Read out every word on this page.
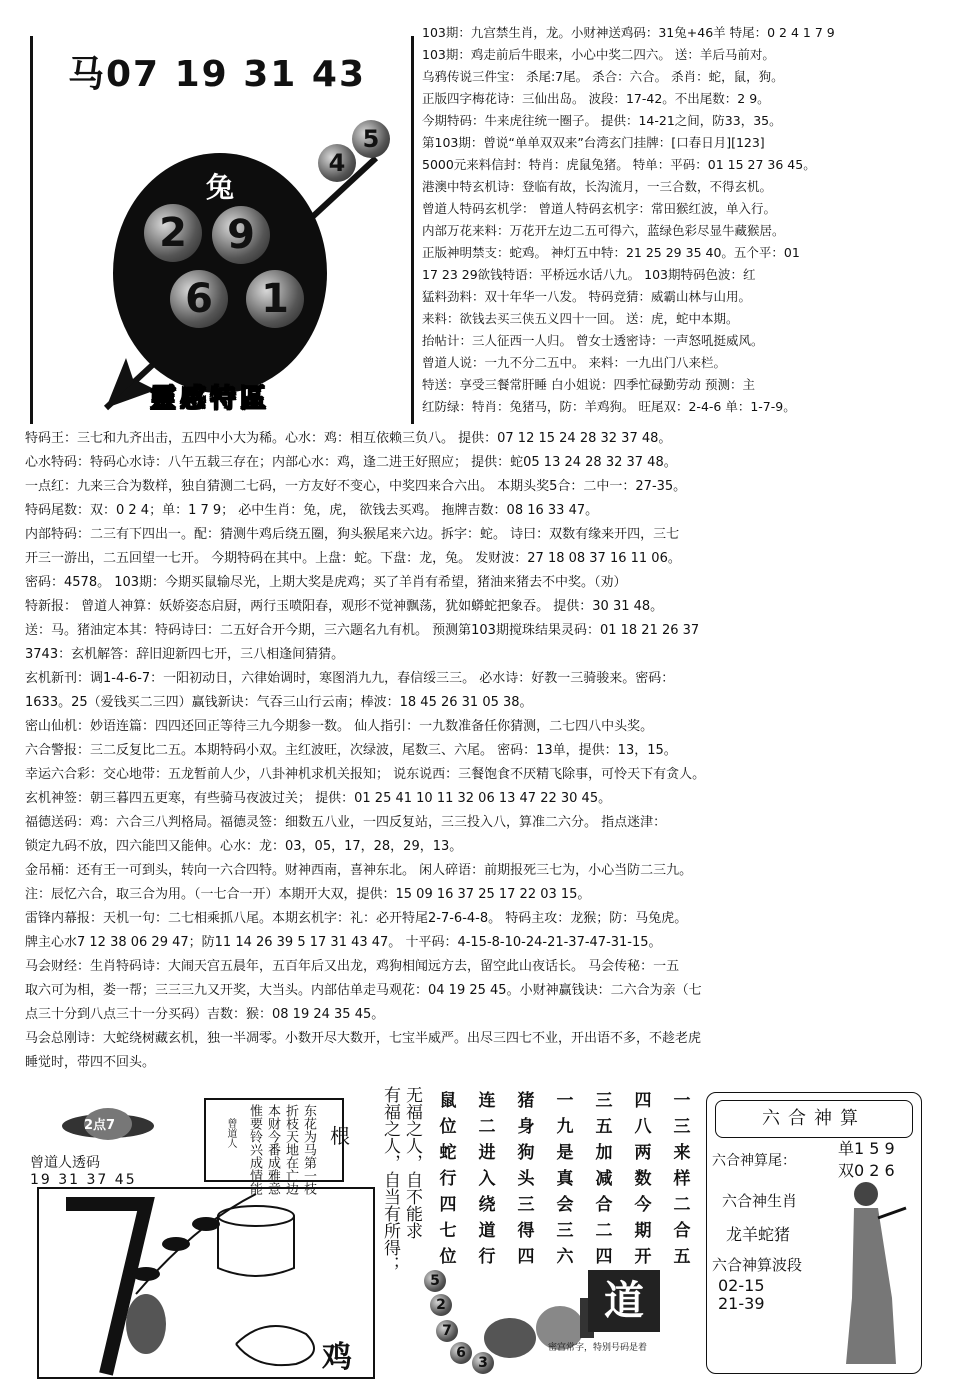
马07 19 31 43
兔
2	9
6	1
4
5
靈感特區
103期：九宫禁生肖，龙。小财神送鸡码：31兔+46羊 特尾：0 2 4 1 7 9
103期：鸡走前后牛眼来，小心中奖二四六。 送：羊后马前对。
乌鸦传说三件宝： 杀尾:7尾。 杀合：六合。 杀肖：蛇，鼠，狗。
正版四字梅花诗：三仙出岛。 波段：17-42。不出尾数：2 9。
今期特码：牛来虎往统一圈子。 提供：14-21之间，防33，35。
第103期：曾说“单单双双来”台湾玄门挂牌：[口春日月][123]
5000元来料信封：特肖：虎鼠兔猪。 特单：平码：01 15 27 36 45。
港澳中特玄机诗：登临有故，长沟流月，一三合数，不得玄机。
曾道人特码玄机学： 曾道人特码玄机字：常田猴红波，单入行。
内部万花来料：万花开左边二五可得六，蓝绿色彩尽显牛藏猴居。
正版神明禁支：蛇鸡。 神灯五中特：21 25 29 35 40。五个平：01
17 23 29欲钱特语：平桥远水话八九。 103期特码色波：红
猛料劲料：双十年华一八发。 特码竞猜：威霸山林与山用。
来料：欲钱去买三侠五义四十一回。 送：虎，蛇中本期。
抬帖计：三人征西一人归。 曾女士透密诗：一声怒吼挺威风。
曾道人说：一九不分二五中。 来料：一九出门八来栏。
特送：享受三餐常肝睡 白小姐说：四季忙碌勤劳动 预测：主
红防绿：特肖：兔猪马，防：羊鸡狗。 旺尾双：2-4-6 单：1-7-9。
特码王：三七和九齐出击，五四中小大为稀。心水：鸡：相互依赖三负八。 提供：07 12 15 24 28 32 37 48。
心水特码：特码心水诗：八午五载三存在；内部心水：鸡，逢二进王好照应； 提供：蛇05 13 24 28 32 37 48。
一点红：九来三合为数样，独自猜测二七码，一方友好不变心，中奖四来合六出。 本期头奖5合：二中一：27-35。
特码尾数：双：0 2 4；单：1 7 9； 必中生肖：兔，虎， 欲钱去买鸡。 拖牌吉数：08 16 33 47。
内部特码：二三有下四出一。配：猜测牛鸡后绕五圈，狗头猴尾来六边。拆字：蛇。 诗曰：双数有缘来开四，三七
开三一游出，二五回望一七开。 今期特码在其中。上盘：蛇。下盘：龙，兔。 发财波：27 18 08 37 16 11 06。
密码：4578。 103期：今期买鼠输尽光，上期大奖是虎鸡；买了羊肖有希望，猪油来猪去不中奖。（劝）
特新报： 曾道人神算：妖娇姿态启厨，两行玉喷阳春，观形不觉神飘荡，犹如蟒蛇把象吞。 提供：30 31 48。
送：马。猪油定本其：特码诗曰：二五好合开今期，三六题名九有机。 预测第103期搅珠结果灵码：01 18 21 26 37
3743：玄机解答：辞旧迎新四七开，三八相逢间猜猜。
玄机新刊：调1-4-6-7：一阳初动日，六律始调时，寒图消九九，春信绥三三。 必水诗：好教一三骑骏来。密码：
1633。25（爱钱买二三四）赢钱新诀：气吞三山行云南；棒波：18 45 26 31 05 38。
密山仙机：妙语连篇：四四还回正等待三九今期参一数。 仙人指引：一九数准备任你猜测，二七四八中头奖。
六合警报：三二反复比二五。本期特码小双。主红波旺，次绿波，尾数三、六尾。 密码：13单，提供：13，15。
幸运六合彩：交心地带：五龙暂前人少，八卦神机求机关报知； 说东说西：三餐饱食不厌精飞除事，可怜天下有贪人。
玄机神签：朝三暮四五更寒，有些骑马夜波过关； 提供：01 25 41 10 11 32 06 13 47 22 30 45。
福德送码：鸡：六合三八判格局。福德灵签：细数五八业，一四反复站，三三投入八，算准二六分。 指点迷津：
锁定九码不放，四六能凹又能伸。心水：龙：03，05，17，28，29，13。
金吊桶：还有王一可到头，转向一六合四特。财神西南，喜神东北。 闲人碎语：前期报死三七为，小心当防二三九。
注：辰忆六合，取三合为用。（一七合一开）本期开大双，提供：15 09 16 37 25 17 22 03 15。
雷锋内幕报：天机一句：二七相乘抓八尾。本期玄机字：礼：必开特尾2-7-6-4-8。 特码主攻：龙猴；防：马兔虎。
牌主心水7 12 38 06 29 47；防11 14 26 39 5 17 31 43 47。 十平码：4-15-8-10-24-21-37-47-31-15。
马会财经：生肖特码诗：大闹天宫五晨年，五百年后又出龙，鸡狗相闻远方去，留空此山夜话长。 马会传秘：一五
取六可为相，娄一帮；三三三九又开奖，大当头。内部估单走马观花：04 19 25 45。小财神赢钱诀：二六合为亲（七
点三十分到八点三十一分买码）吉数：猴：08 19 24 35 45。
马会总刚诗：大蛇绕树藏玄机，独一半凋零。小数开尽大数开，七宝半威严。出尽三四七不业，开出语不多，不趁老虎
睡觉时，带四不回头。
2点7
曾道人透码
19 31 37 45	东花为马第一枝
折枝天地在亡边
本财今番成雅意
惟要铃兴成情能
曾道人	根
鸡
无福之人，自不能求
有福之人，自当有所得；	鼠	连	猪	一	三	四	一
位	二	身	九	五	八	三
蛇	进	狗	是	加	两	来
行	入	头	真	减	数	样
四	绕	三	会	合	今	二
七	道	得	三	二	期	合
位	行	四	六	四	开	五
5
2
7
6
3
道
密宫常字，特别号码是着
六合神算
六合神算尾：
单1 5 9
双0 2 6
六合神生肖
龙羊蛇猪
六合神算波段
02-15
21-39
